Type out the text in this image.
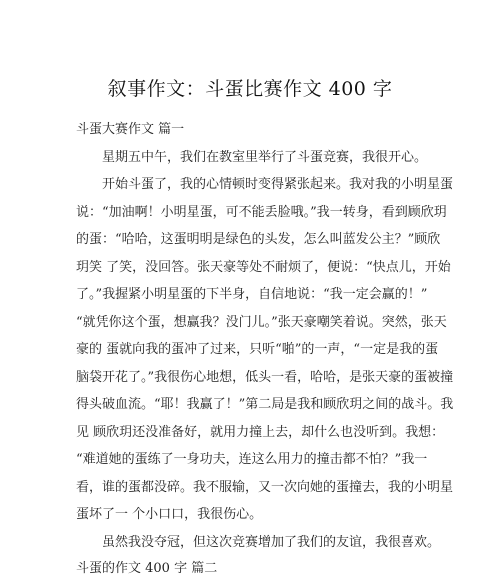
叙事作文：斗蛋比赛作文 400 字
斗蛋大赛作文 篇一
星期五中午，我们在教室里举行了斗蛋竞赛，我很开心。
开始斗蛋了，我的心情顿时变得紧张起来。我对我的小明星蛋
说：“加油啊！小明星蛋，可不能丢脸哦。”我一转身，看到顾欣玥
的蛋：“哈哈，这蛋明明是绿色的头发，怎么叫蓝发公主？”顾欣
玥笑 了笑，没回答。张天豪等处不耐烦了，便说：“快点儿，开始
了。”我握紧小明星蛋的下半身，自信地说：“我一定会赢的！”
“就凭你这个蛋，想赢我？没门儿。”张天豪嘲笑着说。突然，张天
豪的 蛋就向我的蛋冲了过来，只听“啪”的一声，“一定是我的蛋
脑袋开花了。”我很伤心地想，低头一看，哈哈，是张天豪的蛋被撞
得头破血流。“耶！我赢了！”第二局是我和顾欣玥之间的战斗。我
见 顾欣玥还没准备好，就用力撞上去，却什么也没听到。我想：
“难道她的蛋练了一身功夫，连这么用力的撞击都不怕？”我一
看，谁的蛋都没碎。我不服输，又一次向她的蛋撞去，我的小明星
蛋坏了一 个小口口，我很伤心。
虽然我没夺冠，但这次竞赛增加了我们的友谊，我很喜欢。
斗蛋的作文 400 字 篇二
